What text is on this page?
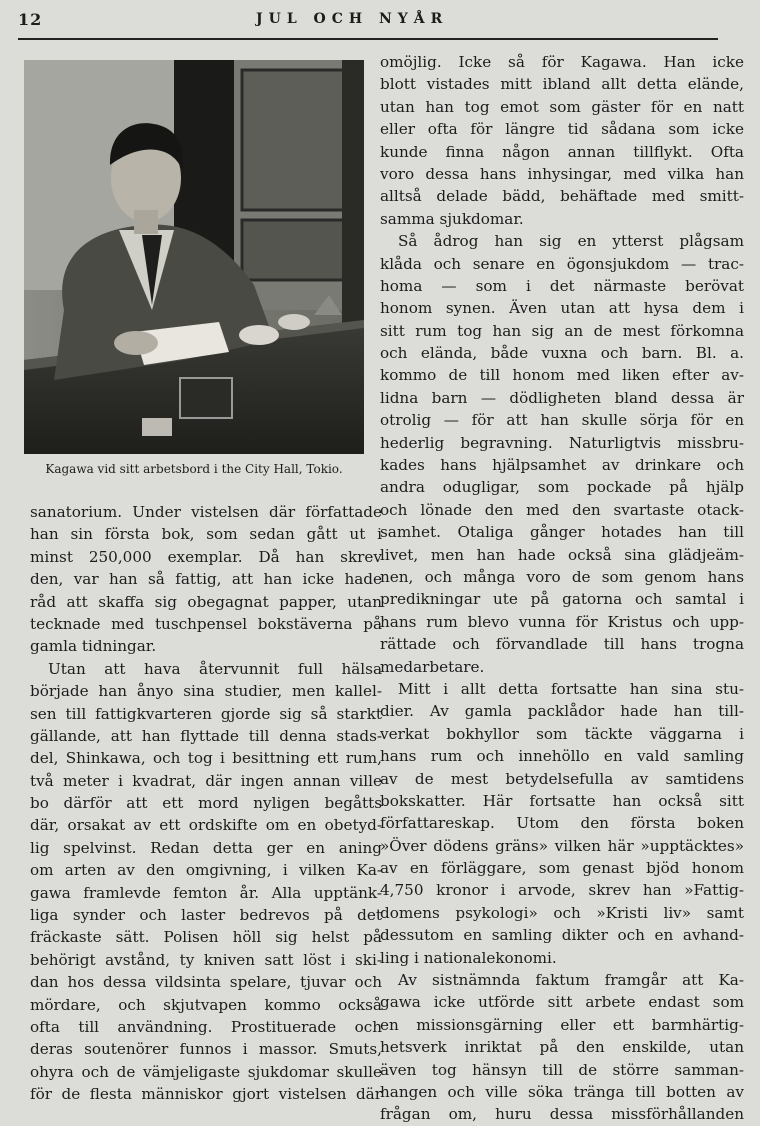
12	JUL OCH NYÅR
Kagawa vid sitt arbetsbord i the City Hall, Tokio.

sanatorium. Under vistelsen där författade
han sin första bok, som sedan gått ut i
minst 250,000 exemplar. Då han skrev
den, var han så fattig, att han icke hade
råd att skaffa sig obegagnat papper, utan
tecknade med tuschpensel bokstäverna på
gamla tidningar.

Utan att hava återvunnit full hälsa
började han ånyo sina studier, men kallel-
sen till fattigkvarteren gjorde sig så starkt
gällande, att han flyttade till denna stads-
del, Shinkawa, och tog i besittning ett rum,
två meter i kvadrat, där ingen annan ville
bo därför att ett mord nyligen begåtts
där, orsakat av ett ordskifte om en obetyd-
lig spelvinst. Redan detta ger en aning
om arten av den omgivning, i vilken Ka-
gawa framlevde femton år. Alla upptänk-
liga synder och laster bedrevos på det
fräckaste sätt. Polisen höll sig helst på
behörigt avstånd, ty kniven satt löst i ski-
dan hos dessa vildsinta spelare, tjuvar och
mördare, och skjutvapen kommo också
ofta till användning. Prostituerade och
deras soutenörer funnos i massor. Smuts,
ohyra och de vämjeligaste sjukdomar skulle
för de flesta människor gjort vistelsen där

omöjlig. Icke så för Kagawa. Han icke
blott vistades mitt ibland allt detta elände,
utan han tog emot som gäster för en natt
eller ofta för längre tid sådana som icke
kunde finna någon annan tillflykt. Ofta
voro dessa hans inhysingar, med vilka han
alltså delade bädd, behäftade med smitt-
samma sjukdomar.

Så ådrog han sig en ytterst plågsam
klåda och senare en ögonsjukdom — trac-
homa — som i det närmaste berövat
honom synen. Även utan att hysa dem i
sitt rum tog han sig an de mest förkomna
och elända, både vuxna och barn. Bl. a.
kommo de till honom med liken efter av-
lidna barn — dödligheten bland dessa är
otrolig — för att han skulle sörja för en
hederlig begravning. Naturligtvis missbru-
kades hans hjälpsamhet av drinkare och
andra odugligar, som pockade på hjälp
och lönade den med den svartaste otack-
samhet. Otaliga gånger hotades han till
livet, men han hade också sina glädjeäm-
nen, och många voro de som genom hans
predikningar ute på gatorna och samtal i
hans rum blevo vunna för Kristus och upp-
rättade och förvandlade till hans trogna
medarbetare.

Mitt i allt detta fortsatte han sina stu-
dier. Av gamla packlådor hade han till-
verkat bokhyllor som täckte väggarna i
hans rum och innehöllo en vald samling
av de mest betydelsefulla av samtidens
bokskatter. Här fortsatte han också sitt
författareskap. Utom den första boken
»Över dödens gräns» vilken här »upptäcktes»
av en förläggare, som genast bjöd honom
4,750 kronor i arvode, skrev han »Fattig-
domens psykologi» och »Kristi liv» samt
dessutom en samling dikter och en avhand-
ling i nationalekonomi.

Av sistnämnda faktum framgår att Ka-
gawa icke utförde sitt arbete endast som
en missionsgärning eller ett barmhärtig-
hetsverk inriktat på den enskilde, utan
även tog hänsyn till de större samman-
hangen och ville söka tränga till botten av
frågan om, huru dessa missförhållanden
